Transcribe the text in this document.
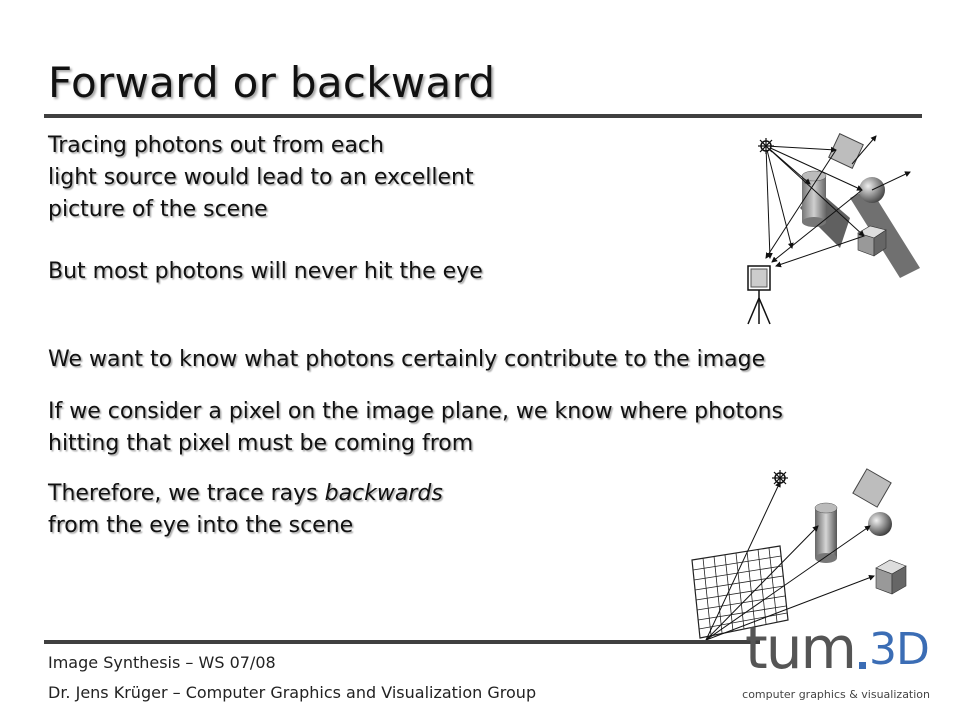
Forward or backward
Tracing photons out from each
light source would lead to an excellent
picture of the scene
But most photons will never hit the eye
We want to know what photons certainly contribute to the image
If we consider a pixel on the image plane, we know where photons
hitting that pixel must be coming from
Therefore, we trace rays backwards
from the eye into the scene
Image Synthesis – WS 07/08
Dr. Jens Krüger – Computer Graphics and Visualization Group
tum 3D
computer graphics & visualization
